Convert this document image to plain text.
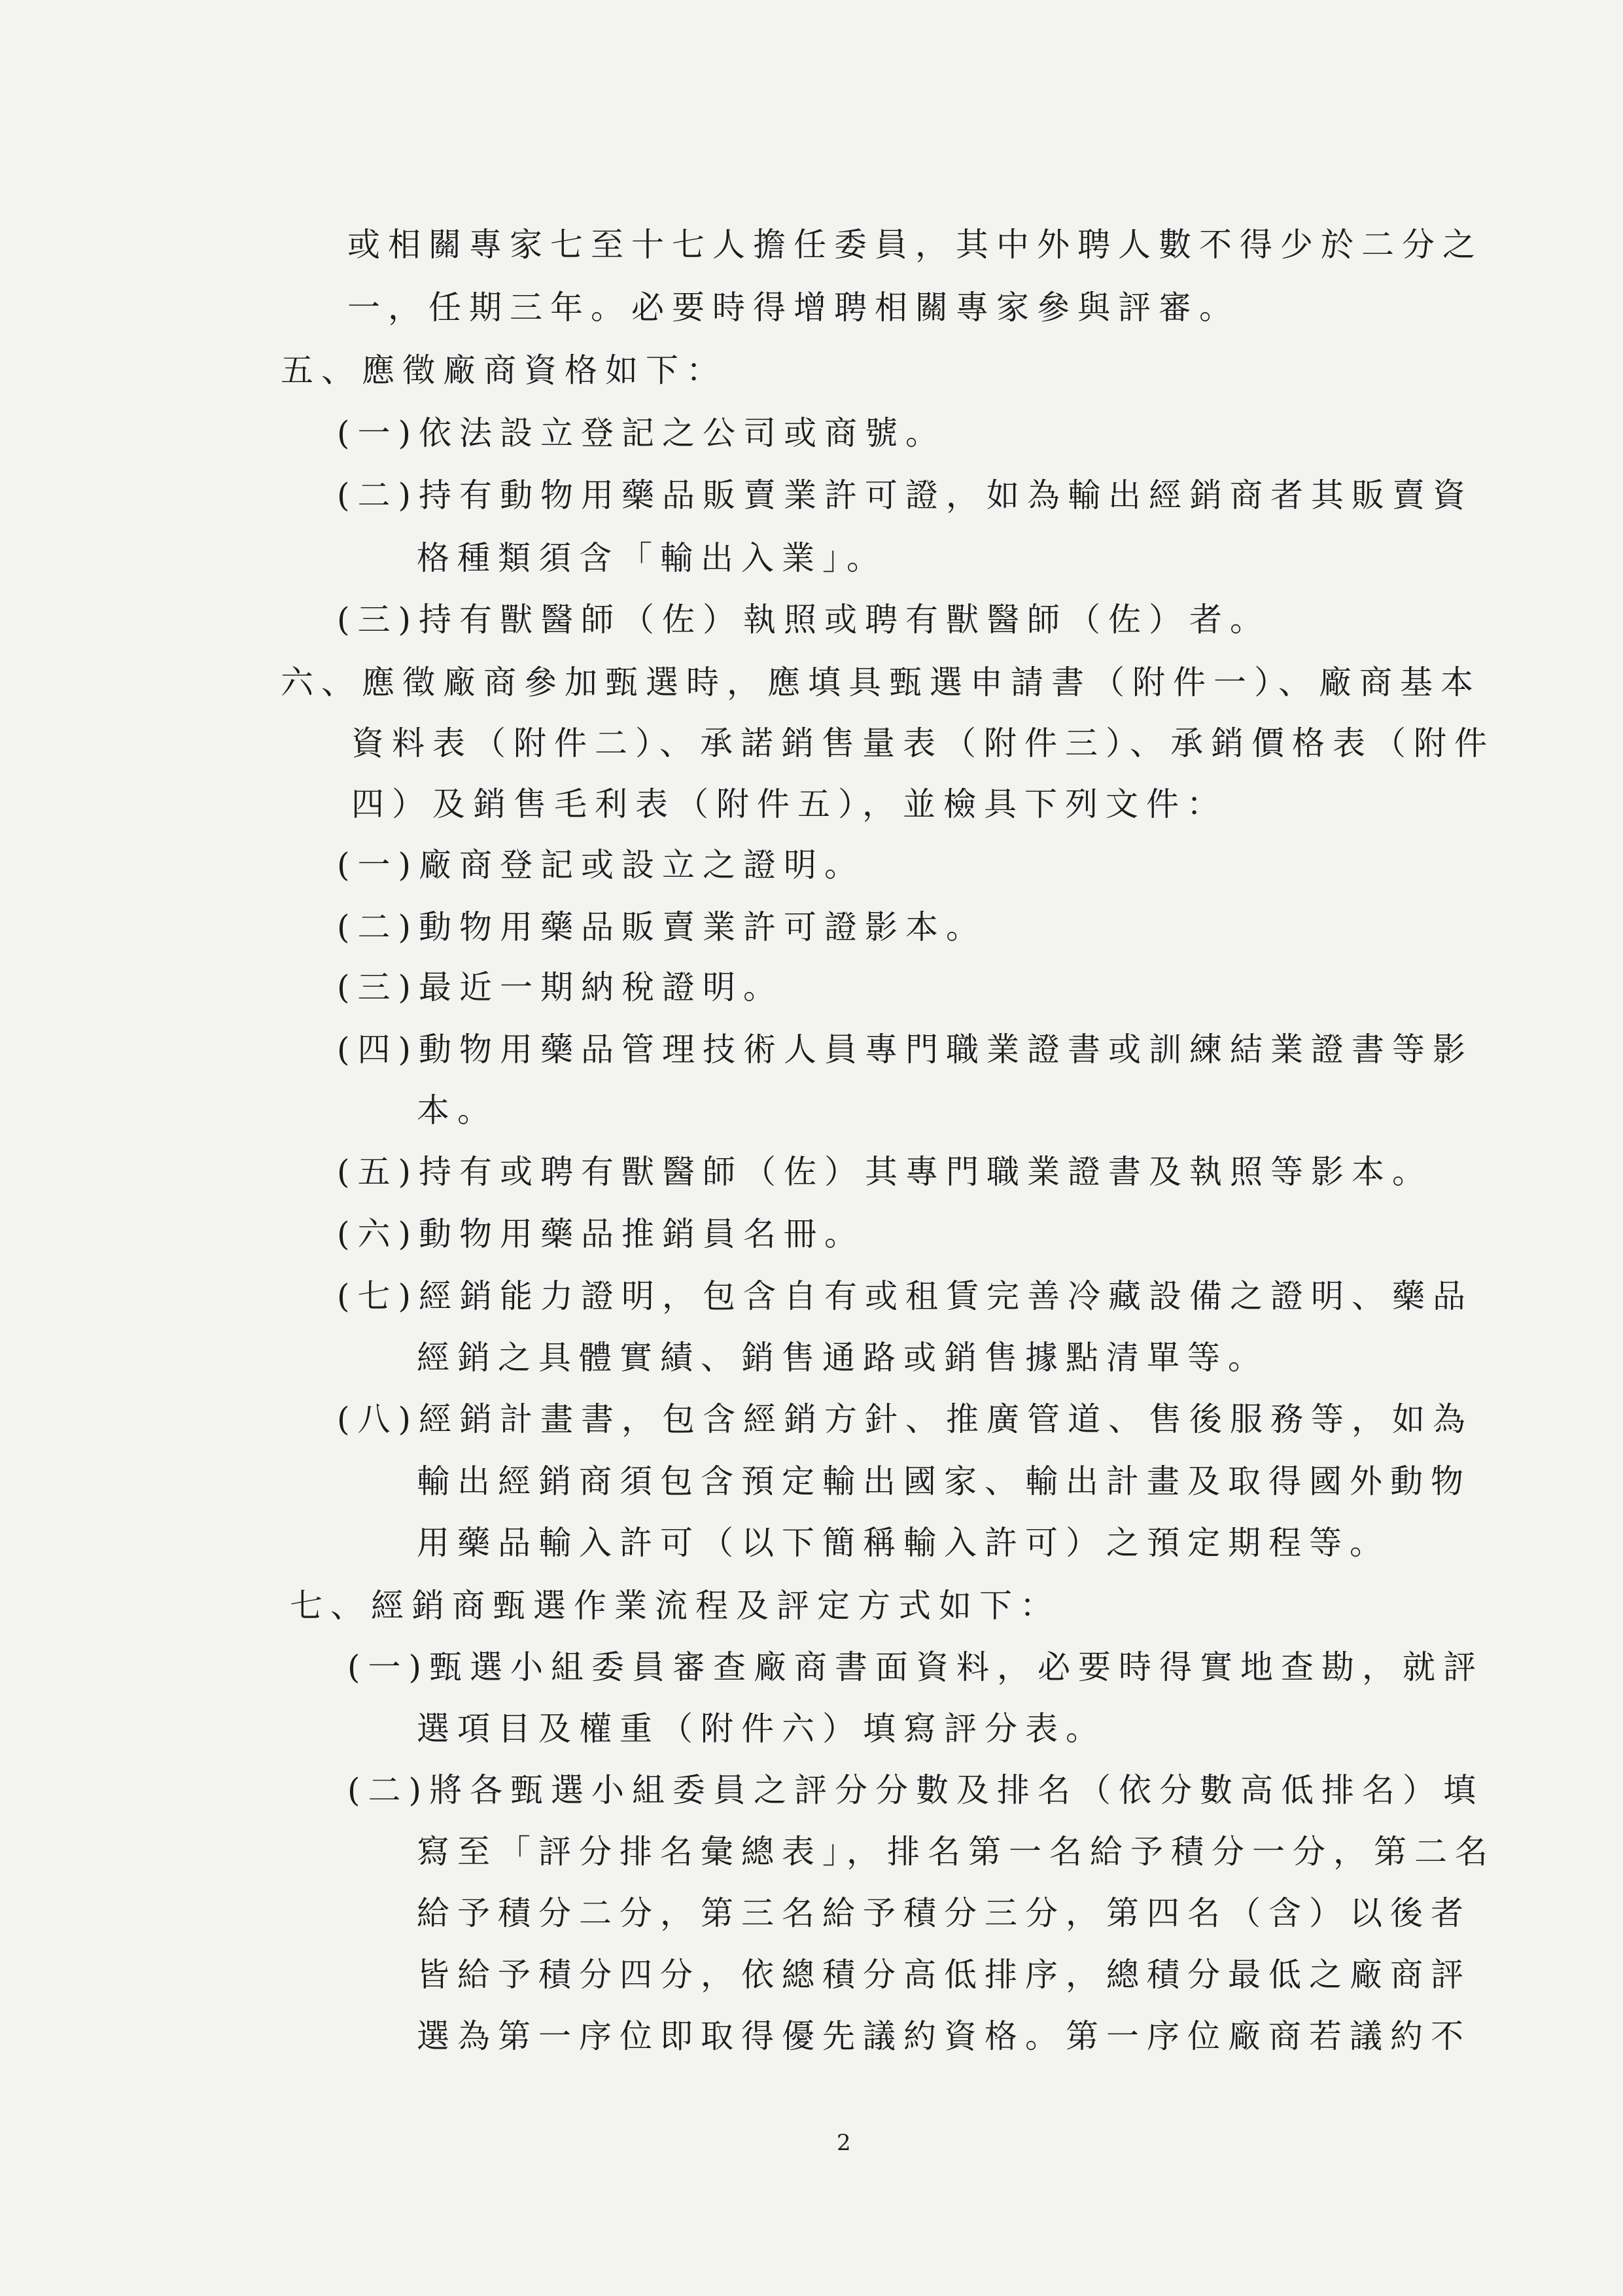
或相關專家七至十七人擔任委員，其中外聘人數不得少於二分之
一，任期三年。必要時得增聘相關專家參與評審。
五、應徵廠商資格如下：
(一)依法設立登記之公司或商號。
(二)持有動物用藥品販賣業許可證，如為輸出經銷商者其販賣資
格種類須含「輸出入業」。
(三)持有獸醫師（佐）執照或聘有獸醫師（佐）者。
六、應徵廠商參加甄選時，應填具甄選申請書（附件一）、廠商基本
資料表（附件二）、承諾銷售量表（附件三）、承銷價格表（附件
四）及銷售毛利表（附件五），並檢具下列文件：
(一)廠商登記或設立之證明。
(二)動物用藥品販賣業許可證影本。
(三)最近一期納稅證明。
(四)動物用藥品管理技術人員專門職業證書或訓練結業證書等影
本。
(五)持有或聘有獸醫師（佐）其專門職業證書及執照等影本。
(六)動物用藥品推銷員名冊。
(七)經銷能力證明，包含自有或租賃完善冷藏設備之證明、藥品
經銷之具體實績、銷售通路或銷售據點清單等。
(八)經銷計畫書，包含經銷方針、推廣管道、售後服務等，如為
輸出經銷商須包含預定輸出國家、輸出計畫及取得國外動物
用藥品輸入許可（以下簡稱輸入許可）之預定期程等。
七、經銷商甄選作業流程及評定方式如下：
(一)甄選小組委員審查廠商書面資料，必要時得實地查勘，就評
選項目及權重（附件六）填寫評分表。
(二)將各甄選小組委員之評分分數及排名（依分數高低排名）填
寫至「評分排名彙總表」，排名第一名給予積分一分，第二名
給予積分二分，第三名給予積分三分，第四名（含）以後者
皆給予積分四分，依總積分高低排序，總積分最低之廠商評
選為第一序位即取得優先議約資格。第一序位廠商若議約不
2
